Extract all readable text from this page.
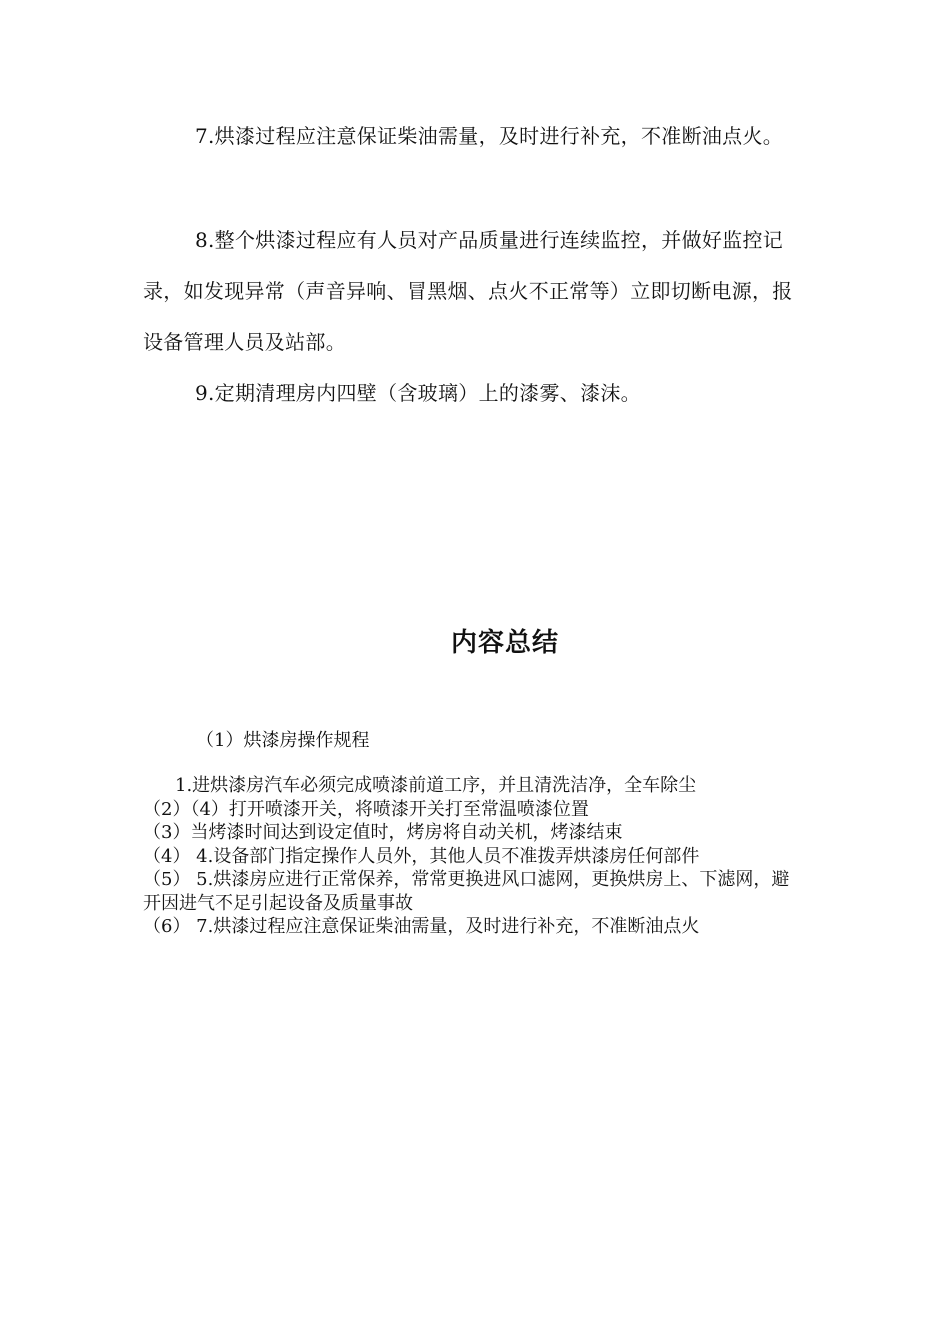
7.烘漆过程应注意保证柴油需量，及时进行补充，不准断油点火。

8.整个烘漆过程应有人员对产品质量进行连续监控，并做好监控记录，如发现异常（声音异响、冒黑烟、点火不正常等）立即切断电源，报设备管理人员及站部。

9.定期清理房内四壁（含玻璃）上的漆雾、漆沫。

内容总结

（1）烘漆房操作规程

1.进烘漆房汽车必须完成喷漆前道工序，并且清洗洁净，全车除尘
（2）（4）打开喷漆开关，将喷漆开关打至常温喷漆位置
（3）当烤漆时间达到设定值时，烤房将自动关机，烤漆结束
（4） 4.设备部门指定操作人员外，其他人员不准拨弄烘漆房任何部件
（5） 5.烘漆房应进行正常保养，常常更换进风口滤网，更换烘房上、下滤网，避开因进气不足引起设备及质量事故
（6） 7.烘漆过程应注意保证柴油需量，及时进行补充，不准断油点火
